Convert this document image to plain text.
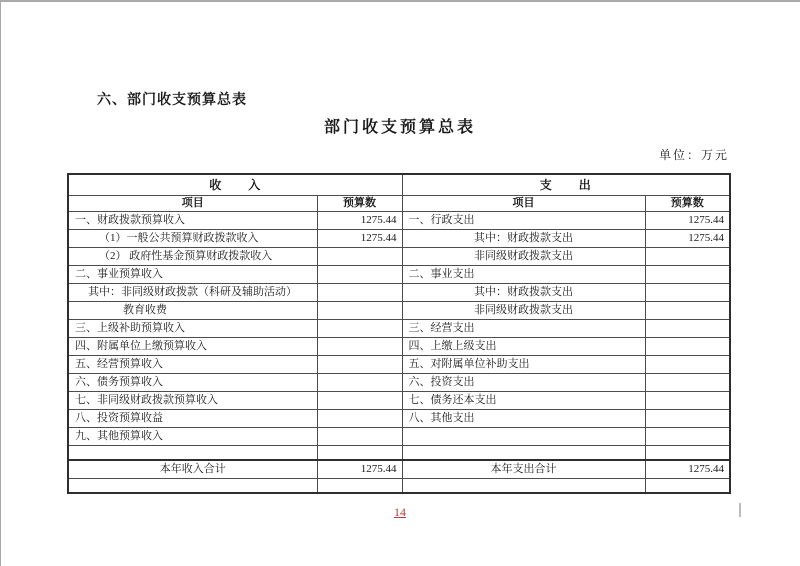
六、部门收支预算总表
部门收支预算总表
单位：万元
收　　入		支　　出	
项目	预算数	项目	预算数
一、财政拨款预算收入	1275.44	一、行政支出	1275.44
（1）一般公共预算财政拨款收入	1275.44	其中：财政拨款支出	1275.44
（2） 政府性基金预算财政拨款收入		非同级财政拨款支出	
二、事业预算收入		二、事业支出	
其中：非同级财政拨款（科研及辅助活动）		其中：财政拨款支出	
教育收费		非同级财政拨款支出	
三、上级补助预算收入		三、经营支出	
四、附属单位上缴预算收入		四、上缴上级支出	
五、经营预算收入		五、对附属单位补助支出	
六、债务预算收入		六、投资支出	
七、非同级财政拨款预算收入		七、债务还本支出	
八、投资预算收益		八、其他支出	
九、其他预算收入			

本年收入合计	1275.44	本年支出合计	1275.44

14
